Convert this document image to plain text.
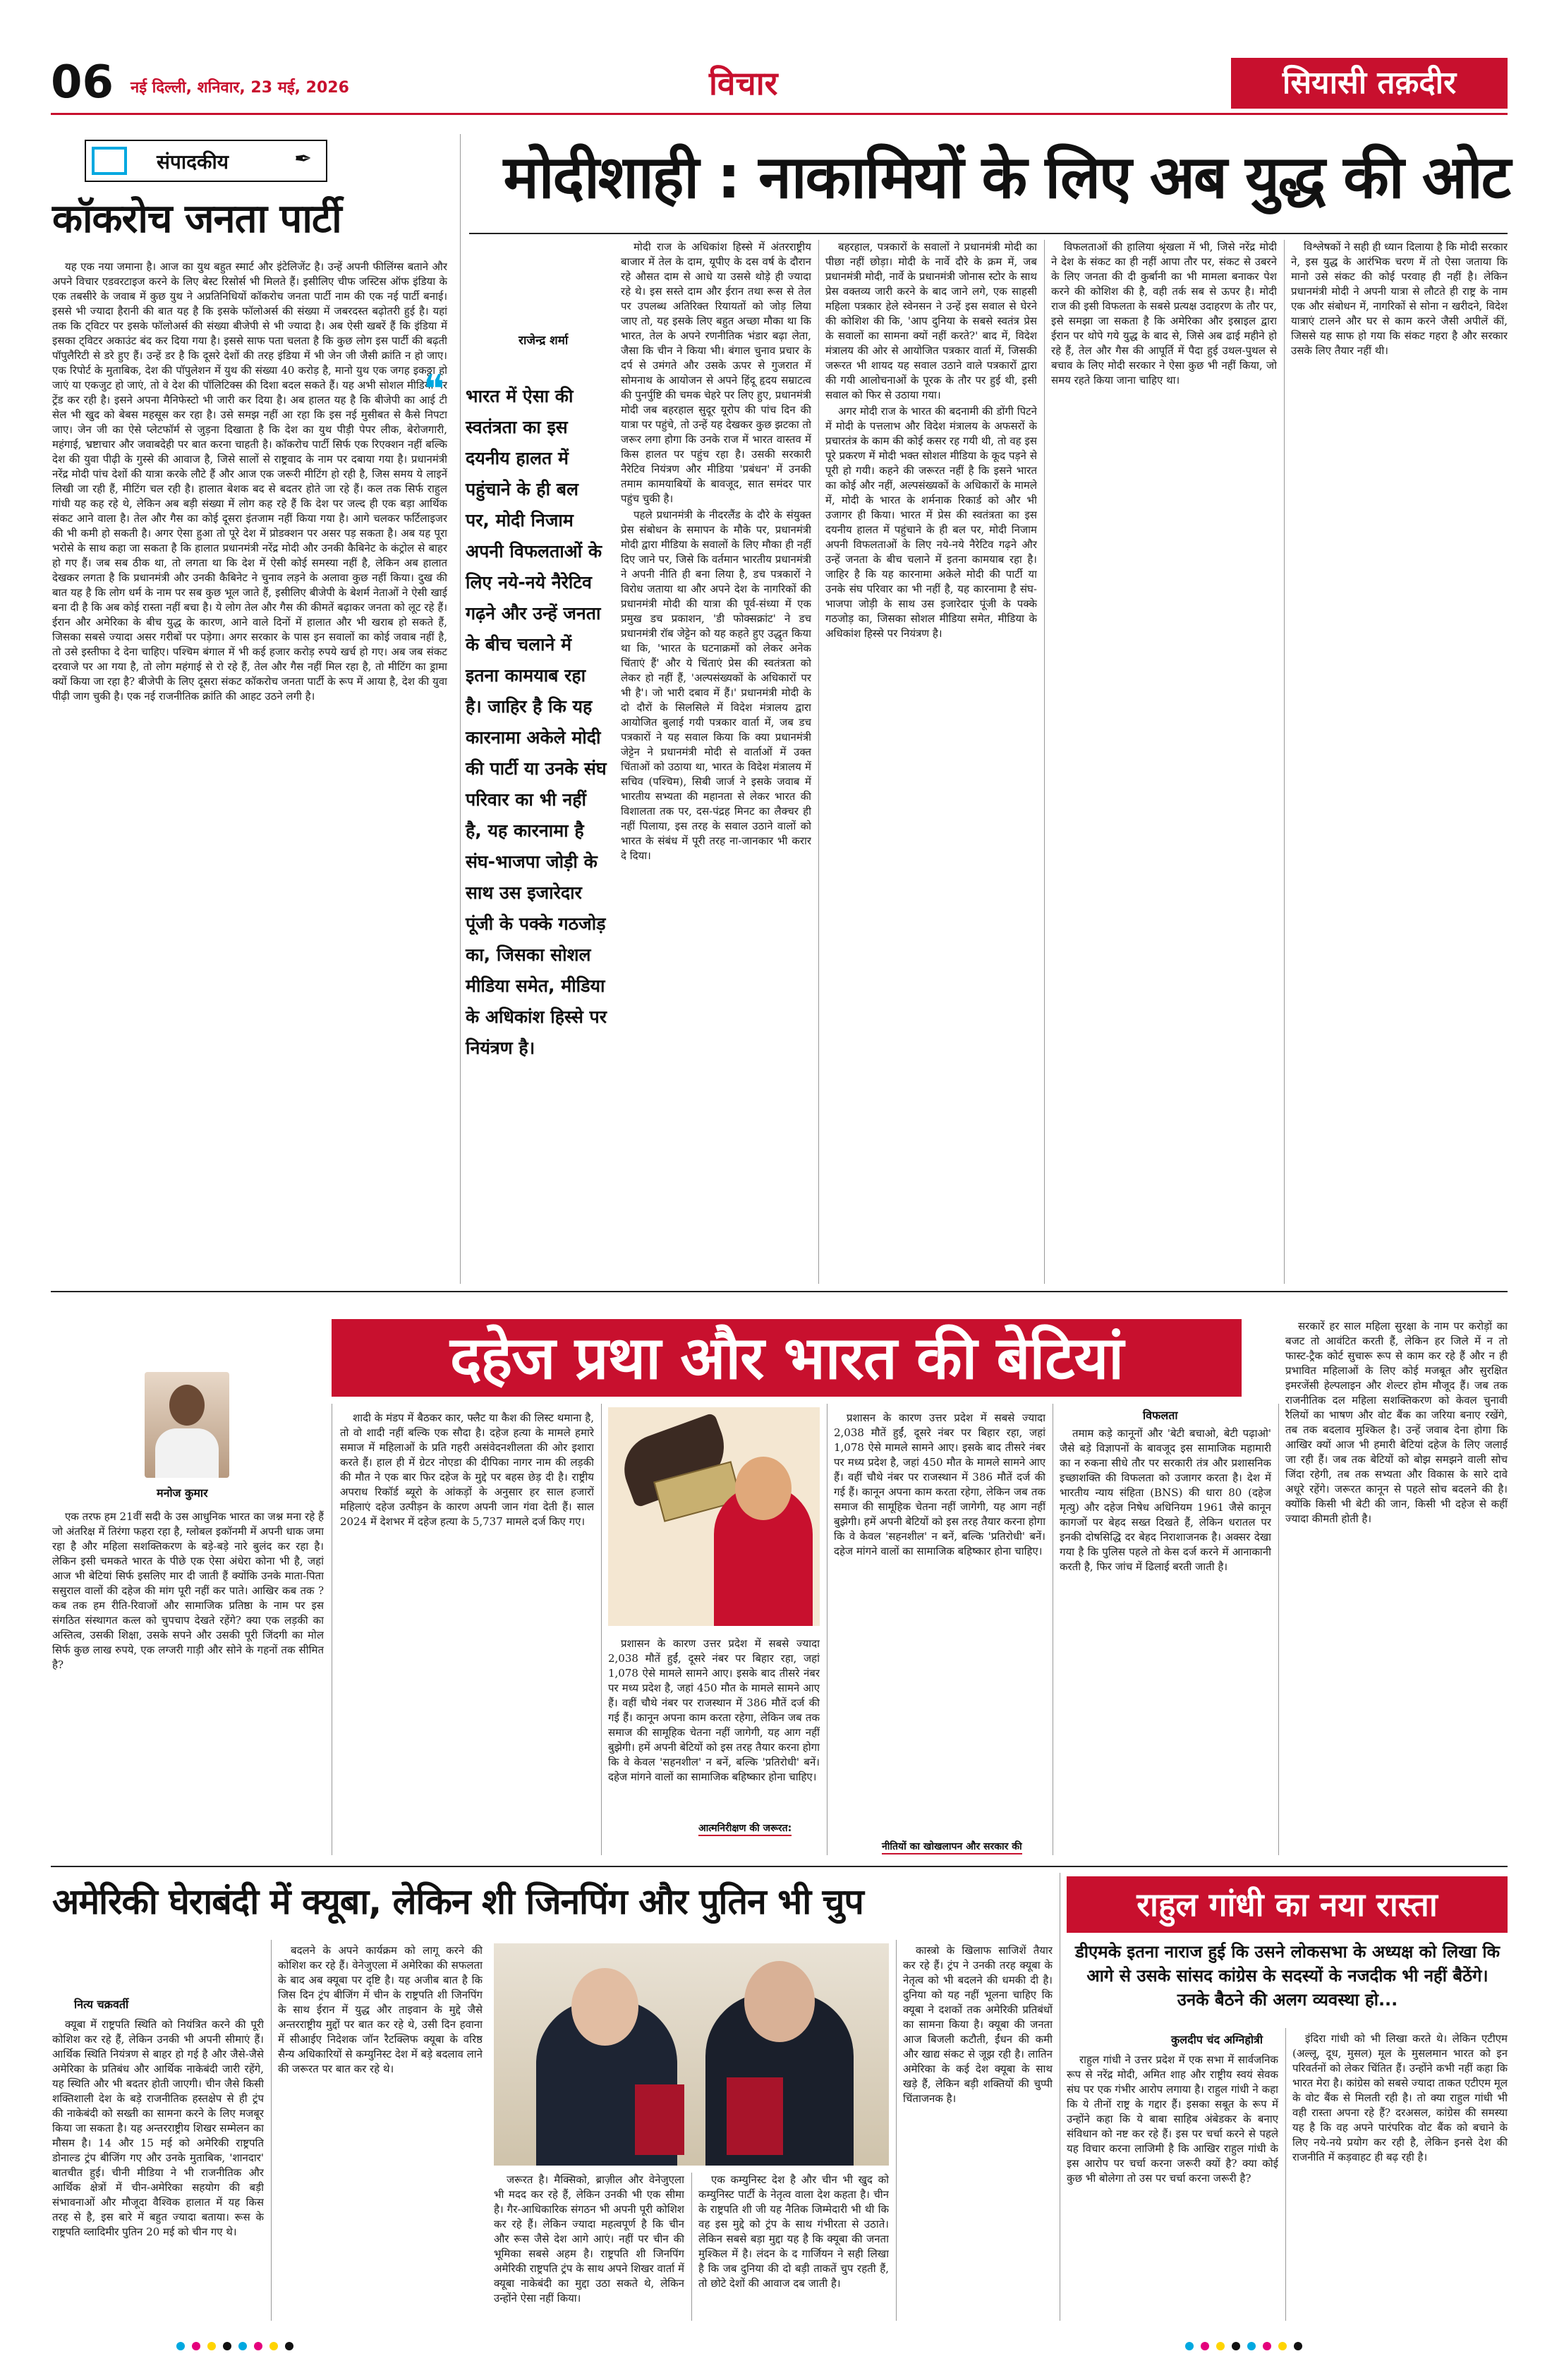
06 नई दिल्ली, शनिवार, 23 मई, 2026	विचार	सियासी तक़दीर
संपादकीय	✒
कॉकरोच जनता पार्टी

यह एक नया जमाना है। आज का युथ बहुत स्मार्ट और इंटेलिजेंट है। उन्हें अपनी फीलिंग्स बताने और अपने विचार एडवरटाइज करने के लिए बेस्ट रिसोर्स भी मिलते हैं। इसीलिए चीफ जस्टिस ऑफ इंडिया के एक तबसीरे के जवाब में कुछ युथ ने अप्रतिनिधियों कॉकरोच जनता पार्टी नाम की एक नई पार्टी बनाई। इससे भी ज्यादा हैरानी की बात यह है कि इसके फॉलोअर्स की संख्या में जबरदस्त बढ़ोतरी हुई है। यहां तक कि ट्विटर पर इसके फॉलोअर्स की संख्या बीजेपी से भी ज्यादा है। अब ऐसी खबरें हैं कि इंडिया में इसका ट्विटर अकाउंट बंद कर दिया गया है। इससे साफ पता चलता है कि कुछ लोग इस पार्टी की बढ़ती पॉपुलैरिटी से डरे हुए हैं। उन्हें डर है कि दूसरे देशों की तरह इंडिया में भी जेन जी जैसी क्रांति न हो जाए। एक रिपोर्ट के मुताबिक, देश की पॉपुलेशन में युथ की संख्या 40 करोड़ है, मानो युथ एक जगह इकठ्ठा हो जाएं या एकजुट हो जाएं, तो वे देश की पॉलिटिक्स की दिशा बदल सकते हैं। यह अभी सोशल मीडिया पर ट्रेंड कर रही है। इसने अपना मैनिफेस्टो भी जारी कर दिया है। अब हालत यह है कि बीजेपी का आई टी सेल भी खुद को बेबस महसूस कर रहा है। उसे समझ नहीं आ रहा कि इस नई मुसीबत से कैसे निपटा जाए। जेन जी का ऐसे प्लेटफॉर्म से जुड़ना दिखाता है कि देश का युथ पीड़ी पेपर लीक, बेरोजगारी, महंगाई, भ्रष्टाचार और जवाबदेही पर बात करना चाहती है। कॉकरोच पार्टी सिर्फ एक रिएक्शन नहीं बल्कि देश की युवा पीढ़ी के गुस्से की आवाज है, जिसे सालों से राष्ट्रवाद के नाम पर दबाया गया है। प्रधानमंत्री नरेंद्र मोदी पांच देशों की यात्रा करके लौटे हैं और आज एक जरूरी मीटिंग हो रही है, जिस समय ये लाइनें लिखी जा रही हैं, मीटिंग चल रही है। हालात बेशक बद से बदतर होते जा रहे हैं। कल तक सिर्फ राहुल गांधी यह कह रहे थे, लेकिन अब बड़ी संख्या में लोग कह रहे हैं कि देश पर जल्द ही एक बड़ा आर्थिक संकट आने वाला है। तेल और गैस का कोई दूसरा इंतजाम नहीं किया गया है। आगे चलकर फर्टिलाइजर की भी कमी हो सकती है। अगर ऐसा हुआ तो पूरे देश में प्रोडक्शन पर असर पड़ सकता है। अब यह पूरा भरोसे के साथ कहा जा सकता है कि हालात प्रधानमंत्री नरेंद्र मोदी और उनकी कैबिनेट के कंट्रोल से बाहर हो गए हैं। जब सब ठीक था, तो लगता था कि देश में ऐसी कोई समस्या नहीं है, लेकिन अब हालात देखकर लगता है कि प्रधानमंत्री और उनकी कैबिनेट ने चुनाव लड़ने के अलावा कुछ नहीं किया। दुख की बात यह है कि लोग धर्म के नाम पर सब कुछ भूल जाते हैं, इसीलिए बीजेपी के बेशर्म नेताओं ने ऐसी खाई बना दी है कि अब कोई रास्ता नहीं बचा है। ये लोग तेल और गैस की कीमतें बढ़ाकर जनता को लूट रहे हैं। ईरान और अमेरिका के बीच युद्ध के कारण, आने वाले दिनों में हालात और भी खराब हो सकते हैं, जिसका सबसे ज्यादा असर गरीबों पर पड़ेगा। अगर सरकार के पास इन सवालों का कोई जवाब नहीं है, तो उसे इस्तीफा दे देना चाहिए। पश्चिम बंगाल में भी कई हजार करोड़ रुपये खर्च हो गए। अब जब संकट दरवाजे पर आ गया है, तो लोग महंगाई से रो रहे हैं, तेल और गैस नहीं मिल रहा है, तो मीटिंग का ड्रामा क्यों किया जा रहा है? बीजेपी के लिए दूसरा संकट कॉकरोच जनता पार्टी के रूप में आया है, देश की युवा पीढ़ी जाग चुकी है। एक नई राजनीतिक क्रांति की आहट उठने लगी है।

मोदीशाही : नाकामियों के लिए अब युद्ध की ओट
राजेन्द्र शर्मा
❝ भारत में ऐसा की स्वतंत्रता का इस दयनीय हालत में पहुंचाने के ही बल पर, मोदी निजाम अपनी विफलताओं के लिए नये-नये नैरेटिव गढ़ने और उन्हें जनता के बीच चलाने में इतना कामयाब रहा है। जाहिर है कि यह कारनामा अकेले मोदी की पार्टी या उनके संघ परिवार का भी नहीं है, यह कारनामा है संघ-भाजपा जोड़ी के साथ उस इजारेदार पूंजी के पक्के गठजोड़ का, जिसका सोशल मीडिया समेत, मीडिया के अधिकांश हिस्से पर नियंत्रण है।

मोदी राज के अधिकांश हिस्से में अंतरराष्ट्रीय बाजार में तेल के दाम, यूपीए के दस वर्ष के दौरान रहे औसत दाम से आधे या उससे थोड़े ही ज्यादा रहे थे। इस सस्ते दाम और ईरान तथा रूस से तेल पर उपलब्ध अतिरिक्त रियायतों को जोड़ लिया जाए तो, यह इसके लिए बहुत अच्छा मौका था कि भारत, तेल के अपने रणनीतिक भंडार बढ़ा लेता, जैसा कि चीन ने किया भी। बंगाल चुनाव प्रचार के दर्प से उमंगते और उसके ऊपर से गुजरात में सोमनाथ के आयोजन से अपने हिंदू हृदय सम्राटत्व की पुनर्पुष्टि की चमक चेहरे पर लिए हुए, प्रधानमंत्री मोदी जब बहरहाल सुदूर यूरोप की पांच दिन की यात्रा पर पहुंचे, तो उन्हें यह देखकर कुछ झटका तो जरूर लगा होगा कि उनके राज में भारत वास्तव में किस हालत पर पहुंच रहा है। उसकी सरकारी नैरेटिव नियंत्रण और मीडिया 'प्रबंधन' में उनकी तमाम कामयाबियों के बावजूद, सात समंदर पार पहुंच चुकी है।

पहले प्रधानमंत्री के नीदरलैंड के दौरे के संयुक्त प्रेस संबोधन के समापन के मौके पर, प्रधानमंत्री मोदी द्वारा मीडिया के सवालों के लिए मौका ही नहीं दिए जाने पर, जिसे कि वर्तमान भारतीय प्रधानमंत्री ने अपनी नीति ही बना लिया है, डच पत्रकारों ने विरोध जताया था और अपने देश के नागरिकों की प्रधानमंत्री मोदी की यात्रा की पूर्व-संध्या में एक प्रमुख डच प्रकाशन, 'डी फोक्सक्रांट' ने डच प्रधानमंत्री रॉब जेट्टेन को यह कहते हुए उद्धृत किया था कि, 'भारत के घटनाक्रमों को लेकर अनेक चिंताएं हैं' और ये चिंताएं प्रेस की स्वतंत्रता को लेकर हो नहीं हैं, 'अल्पसंख्यकों के अधिकारों पर भी है'। जो भारी दबाव में हैं।' प्रधानमंत्री मोदी के दो दौरों के सिलसिले में विदेश मंत्रालय द्वारा आयोजित बुलाई गयी पत्रकार वार्ता में, जब डच पत्रकारों ने यह सवाल किया कि क्या प्रधानमंत्री जेट्टेन ने प्रधानमंत्री मोदी से वार्ताओं में उक्त चिंताओं को उठाया था, भारत के विदेश मंत्रालय में सचिव (पश्चिम), सिबी जार्ज ने इसके जवाब में भारतीय सभ्यता की महानता से लेकर भारत की विशालता तक पर, दस-पंद्रह मिनट का लैक्चर ही नहीं पिलाया, इस तरह के सवाल उठाने वालों को भारत के संबंध में पूरी तरह ना-जानकार भी करार दे दिया।

बहरहाल, पत्रकारों के सवालों ने प्रधानमंत्री मोदी का पीछा नहीं छोड़ा। मोदी के नार्वे दौरे के क्रम में, जब प्रधानमंत्री मोदी, नार्वे के प्रधानमंत्री जोनास स्टोर के साथ प्रेस वक्तव्य जारी करने के बाद जाने लगे, एक साहसी महिला पत्रकार हेले स्वेनसन ने उन्हें इस सवाल से घेरने की कोशिश की कि, 'आप दुनिया के सबसे स्वतंत्र प्रेस के सवालों का सामना क्यों नहीं करते?' बाद में, विदेश मंत्रालय की ओर से आयोजित पत्रकार वार्ता में, जिसकी जरूरत भी शायद यह सवाल उठाने वाले पत्रकारों द्वारा की गयी आलोचनाओं के पूरक के तौर पर हुई थी, इसी सवाल को फिर से उठाया गया।

अगर मोदी राज के भारत की बदनामी की डोंगी पिटने में मोदी के पत्तलाभ और विदेश मंत्रालय के अफसरों के प्रचारतंत्र के काम की कोई कसर रह गयी थी, तो वह इस पूरे प्रकरण में मोदी भक्त सोशल मीडिया के कूद पड़ने से पूरी हो गयी। कहने की जरूरत नहीं है कि इसने भारत का कोई और नहीं, अल्पसंख्यकों के अधिकारों के मामले में, मोदी के भारत के शर्मनाक रिकार्ड को और भी उजागर ही किया। भारत में प्रेस की स्वतंत्रता का इस दयनीय हालत में पहुंचाने के ही बल पर, मोदी निजाम अपनी विफलताओं के लिए नये-नये नैरेटिव गढ़ने और उन्हें जनता के बीच चलाने में इतना कामयाब रहा है। जाहिर है कि यह कारनामा अकेले मोदी की पार्टी या उनके संघ परिवार का भी नहीं है, यह कारनामा है संघ-भाजपा जोड़ी के साथ उस इजारेदार पूंजी के पक्के गठजोड़ का, जिसका सोशल मीडिया समेत, मीडिया के अधिकांश हिस्से पर नियंत्रण है।

विफलताओं की हालिया श्रृंखला में भी, जिसे नरेंद्र मोदी ने देश के संकट का ही नहीं आपा तौर पर, संकट से उबरने के लिए जनता की दी कुर्बानी का भी मामला बनाकर पेश करने की कोशिश की है, वही तर्क सब से ऊपर है। मोदी राज की इसी विफलता के सबसे प्रत्यक्ष उदाहरण के तौर पर, इसे समझा जा सकता है कि अमेरिका और इस्राइल द्वारा ईरान पर थोपे गये युद्ध के बाद से, जिसे अब ढाई महीने हो रहे हैं, तेल और गैस की आपूर्ति में पैदा हुई उथल-पुथल से बचाव के लिए मोदी सरकार ने ऐसा कुछ भी नहीं किया, जो समय रहते किया जाना चाहिए था।

विश्लेषकों ने सही ही ध्यान दिलाया है कि मोदी सरकार ने, इस युद्ध के आरंभिक चरण में तो ऐसा जताया कि मानो उसे संकट की कोई परवाह ही नहीं है। लेकिन प्रधानमंत्री मोदी ने अपनी यात्रा से लौटते ही राष्ट्र के नाम एक और संबोधन में, नागरिकों से सोना न खरीदने, विदेश यात्राएं टालने और घर से काम करने जैसी अपीलें कीं, जिससे यह साफ हो गया कि संकट गहरा है और सरकार उसके लिए तैयार नहीं थी।

मनोज कुमार
दहेज प्रथा और भारत की बेटियां

एक तरफ हम 21वीं सदी के उस आधुनिक भारत का जश्न मना रहे हैं जो अंतरिक्ष में तिरंगा फहरा रहा है, ग्लोबल इकॉनमी में अपनी धाक जमा रहा है और महिला सशक्तिकरण के बड़े-बड़े नारे बुलंद कर रहा है। लेकिन इसी चमकते भारत के पीछे एक ऐसा अंधेरा कोना भी है, जहां आज भी बेटियां सिर्फ इसलिए मार दी जाती हैं क्योंकि उनके माता-पिता ससुराल वालों की दहेज की मांग पूरी नहीं कर पाते। आखिर कब तक ? कब तक हम रीति-रिवाजों और सामाजिक प्रतिष्ठा के नाम पर इस संगठित संस्थागत कत्ल को चुपचाप देखते रहेंगे? क्या एक लड़की का अस्तित्व, उसकी शिक्षा, उसके सपने और उसकी पूरी जिंदगी का मोल सिर्फ कुछ लाख रुपये, एक लग्जरी गाड़ी और सोने के गहनों तक सीमित है?

शादी के मंडप में बैठकर कार, फ्लैट या कैश की लिस्ट थमाना है, तो वो शादी नहीं बल्कि एक सौदा है। दहेज हत्या के मामले हमारे समाज में महिलाओं के प्रति गहरी असंवेदनशीलता की ओर इशारा करते हैं। हाल ही में ग्रेटर नोएडा की दीपिका नागर नाम की लड़की की मौत ने एक बार फिर दहेज के मुद्दे पर बहस छेड़ दी है। राष्ट्रीय अपराध रिकॉर्ड ब्यूरो के आंकड़ों के अनुसार हर साल हजारों महिलाएं दहेज उत्पीड़न के कारण अपनी जान गंवा देती हैं। साल 2024 में देशभर में दहेज हत्या के 5,737 मामले दर्ज किए गए।

प्रशासन के कारण उत्तर प्रदेश में सबसे ज्यादा 2,038 मौतें हुईं, दूसरे नंबर पर बिहार रहा, जहां 1,078 ऐसे मामले सामने आए। इसके बाद तीसरे नंबर पर मध्य प्रदेश है, जहां 450 मौत के मामले सामने आए हैं। वहीं चौथे नंबर पर राजस्थान में 386 मौतें दर्ज की गई हैं। कानून अपना काम करता रहेगा, लेकिन जब तक समाज की सामूहिक चेतना नहीं जागेगी, यह आग नहीं बुझेगी। हमें अपनी बेटियों को इस तरह तैयार करना होगा कि वे केवल 'सहनशील' न बनें, बल्कि 'प्रतिरोधी' बनें। दहेज मांगने वालों का सामाजिक बहिष्कार होना चाहिए।

आत्मनिरीक्षण की जरूरत:

प्रशासन के कारण उत्तर प्रदेश में सबसे ज्यादा 2,038 मौतें हुईं, दूसरे नंबर पर बिहार रहा, जहां 1,078 ऐसे मामले सामने आए। इसके बाद तीसरे नंबर पर मध्य प्रदेश है, जहां 450 मौत के मामले सामने आए हैं। वहीं चौथे नंबर पर राजस्थान में 386 मौतें दर्ज की गई हैं। कानून अपना काम करता रहेगा, लेकिन जब तक समाज की सामूहिक चेतना नहीं जागेगी, यह आग नहीं बुझेगी। हमें अपनी बेटियों को इस तरह तैयार करना होगा कि वे केवल 'सहनशील' न बनें, बल्कि 'प्रतिरोधी' बनें। दहेज मांगने वालों का सामाजिक बहिष्कार होना चाहिए।

नीतियों का खोखलापन और सरकार की
विफलता

तमाम कड़े कानूनों और 'बेटी बचाओ, बेटी पढ़ाओ' जैसे बड़े विज्ञापनों के बावजूद इस सामाजिक महामारी का न रुकना सीधे तौर पर सरकारी तंत्र और प्रशासनिक इच्छाशक्ति की विफलता को उजागर करता है। देश में भारतीय न्याय संहिता (BNS) की धारा 80 (दहेज मृत्यु) और दहेज निषेध अधिनियम 1961 जैसे कानून कागजों पर बेहद सख्त दिखते हैं, लेकिन धरातल पर इनकी दोषसिद्धि दर बेहद निराशाजनक है। अक्सर देखा गया है कि पुलिस पहले तो केस दर्ज करने में आनाकानी करती है, फिर जांच में ढिलाई बरती जाती है।

सरकारें हर साल महिला सुरक्षा के नाम पर करोड़ों का बजट तो आवंटित करती हैं, लेकिन हर जिले में न तो फास्ट-ट्रैक कोर्ट सुचारू रूप से काम कर रहे हैं और न ही प्रभावित महिलाओं के लिए कोई मजबूत और सुरक्षित इमरजेंसी हेल्पलाइन और शेल्टर होम मौजूद हैं। जब तक राजनीतिक दल महिला सशक्तिकरण को केवल चुनावी रैलियों का भाषण और वोट बैंक का जरिया बनाए रखेंगे, तब तक बदलाव मुश्किल है। उन्हें जवाब देना होगा कि आखिर क्यों आज भी हमारी बेटियां दहेज के लिए जलाई जा रही हैं। जब तक बेटियों को बोझ समझने वाली सोच जिंदा रहेगी, तब तक सभ्यता और विकास के सारे दावे अधूरे रहेंगे। जरूरत कानून से पहले सोच बदलने की है। क्योंकि किसी भी बेटी की जान, किसी भी दहेज से कहीं ज्यादा कीमती होती है।

अमेरिकी घेराबंदी में क्यूबा, लेकिन शी जिनपिंग और पुतिन भी चुप
नित्य चक्रवर्ती

क्यूबा में राष्ट्रपति स्थिति को नियंत्रित करने की पूरी कोशिश कर रहे हैं, लेकिन उनकी भी अपनी सीमाएं हैं। आर्थिक स्थिति नियंत्रण से बाहर हो गई है और जैसे-जैसे अमेरिका के प्रतिबंध और आर्थिक नाकेबंदी जारी रहेंगे, यह स्थिति और भी बदतर होती जाएगी। चीन जैसे किसी शक्तिशाली देश के बड़े राजनीतिक हस्तक्षेप से ही ट्रंप की नाकेबंदी को सख्ती का सामना करने के लिए मजबूर किया जा सकता है। यह अन्तरराष्ट्रीय शिखर सम्मेलन का मौसम है। 14 और 15 मई को अमेरिकी राष्ट्रपति डोनाल्ड ट्रंप बीजिंग गए और उनके मुताबिक, 'शानदार' बातचीत हुई। चीनी मीडिया ने भी राजनीतिक और आर्थिक क्षेत्रों में चीन-अमेरिका सहयोग की बड़ी संभावनाओं और मौजूदा वैश्विक हालात में यह किस तरह से है, इस बारे में बहुत ज्यादा बताया। रूस के राष्ट्रपति व्लादिमीर पुतिन 20 मई को चीन गए थे।

बदलने के अपने कार्यक्रम को लागू करने की कोशिश कर रहे हैं। वेनेजुएला में अमेरिका की सफलता के बाद अब क्यूबा पर दृष्टि है। यह अजीब बात है कि जिस दिन ट्रंप बीजिंग में चीन के राष्ट्रपति शी जिनपिंग के साथ ईरान में युद्ध और ताइवान के मुद्दे जैसे अन्तरराष्ट्रीय मुद्दों पर बात कर रहे थे, उसी दिन हवाना में सीआईए निदेशक जॉन रैटक्लिफ क्यूबा के वरिष्ठ सैन्य अधिकारियों से कम्युनिस्ट देश में बड़े बदलाव लाने की जरूरत पर बात कर रहे थे।

जरूरत है। मैक्सिको, ब्राज़ील और वेनेजुएला भी मदद कर रहे हैं, लेकिन उनकी भी एक सीमा है। गैर-आधिकारिक संगठन भी अपनी पूरी कोशिश कर रहे हैं। लेकिन ज्यादा महत्वपूर्ण है कि चीन और रूस जैसे देश आगे आएं। नहीं पर चीन की भूमिका सबसे अहम है। राष्ट्रपति शी जिनपिंग अमेरिकी राष्ट्रपति ट्रंप के साथ अपने शिखर वार्ता में क्यूबा नाकेबंदी का मुद्दा उठा सकते थे, लेकिन उन्होंने ऐसा नहीं किया।

एक कम्युनिस्ट देश है और चीन भी खुद को कम्युनिस्ट पार्टी के नेतृत्व वाला देश कहता है। चीन के राष्ट्रपति शी जी यह नैतिक जिम्मेदारी भी थी कि वह इस मुद्दे को ट्रंप के साथ गंभीरता से उठाते। लेकिन सबसे बड़ा मुद्दा यह है कि क्यूबा की जनता मुश्किल में है। लंदन के द गार्जियन ने सही लिखा है कि जब दुनिया की दो बड़ी ताकतें चुप रहती हैं, तो छोटे देशों की आवाज दब जाती है।

कास्त्रो के खिलाफ साजिशें तैयार कर रहे हैं। ट्रंप ने उनकी तरह क्यूबा के नेतृत्व को भी बदलने की धमकी दी है। दुनिया को यह नहीं भूलना चाहिए कि क्यूबा ने दशकों तक अमेरिकी प्रतिबंधों का सामना किया है। क्यूबा की जनता आज बिजली कटौती, ईंधन की कमी और खाद्य संकट से जूझ रही है। लातिन अमेरिका के कई देश क्यूबा के साथ खड़े हैं, लेकिन बड़ी शक्तियों की चुप्पी चिंताजनक है।

राहुल गांधी का नया रास्ता
डीएमके इतना नाराज हुई कि उसने लोकसभा के अध्यक्ष को लिखा कि आगे से उसके सांसद कांग्रेस के सदस्यों के नजदीक भी नहीं बैठेंगे। उनके बैठने की अलग व्यवस्था हो...
कुलदीप चंद अग्निहोत्री

राहुल गांधी ने उत्तर प्रदेश में एक सभा में सार्वजनिक रूप से नरेंद्र मोदी, अमित शाह और राष्ट्रीय स्वयं सेवक संघ पर एक गंभीर आरोप लगाया है। राहुल गांधी ने कहा कि ये तीनों राष्ट्र के गद्दार हैं। इसका सबूत के रूप में उन्होंने कहा कि ये बाबा साहिब अंबेडकर के बनाए संविधान को नष्ट कर रहे हैं। इस पर चर्चा करने से पहले यह विचार करना लाजिमी है कि आखिर राहुल गांधी के इस आरोप पर चर्चा करना जरूरी क्यों है? क्या कोई कुछ भी बोलेगा तो उस पर चर्चा करना जरूरी है?

इंदिरा गांधी को भी लिखा करते थे। लेकिन एटीएम (अल्लू, दूध, मुसल) मूल के मुसलमान भारत को इन परिवर्तनों को लेकर चिंतित हैं। उन्होंने कभी नहीं कहा कि भारत मेरा है। कांग्रेस को सबसे ज्यादा ताकत एटीएम मूल के वोट बैंक से मिलती रही है। तो क्या राहुल गांधी भी वही रास्ता अपना रहे हैं? दरअसल, कांग्रेस की समस्या यह है कि वह अपने पारंपरिक वोट बैंक को बचाने के लिए नये-नये प्रयोग कर रही है, लेकिन इनसे देश की राजनीति में कड़वाहट ही बढ़ रही है।
